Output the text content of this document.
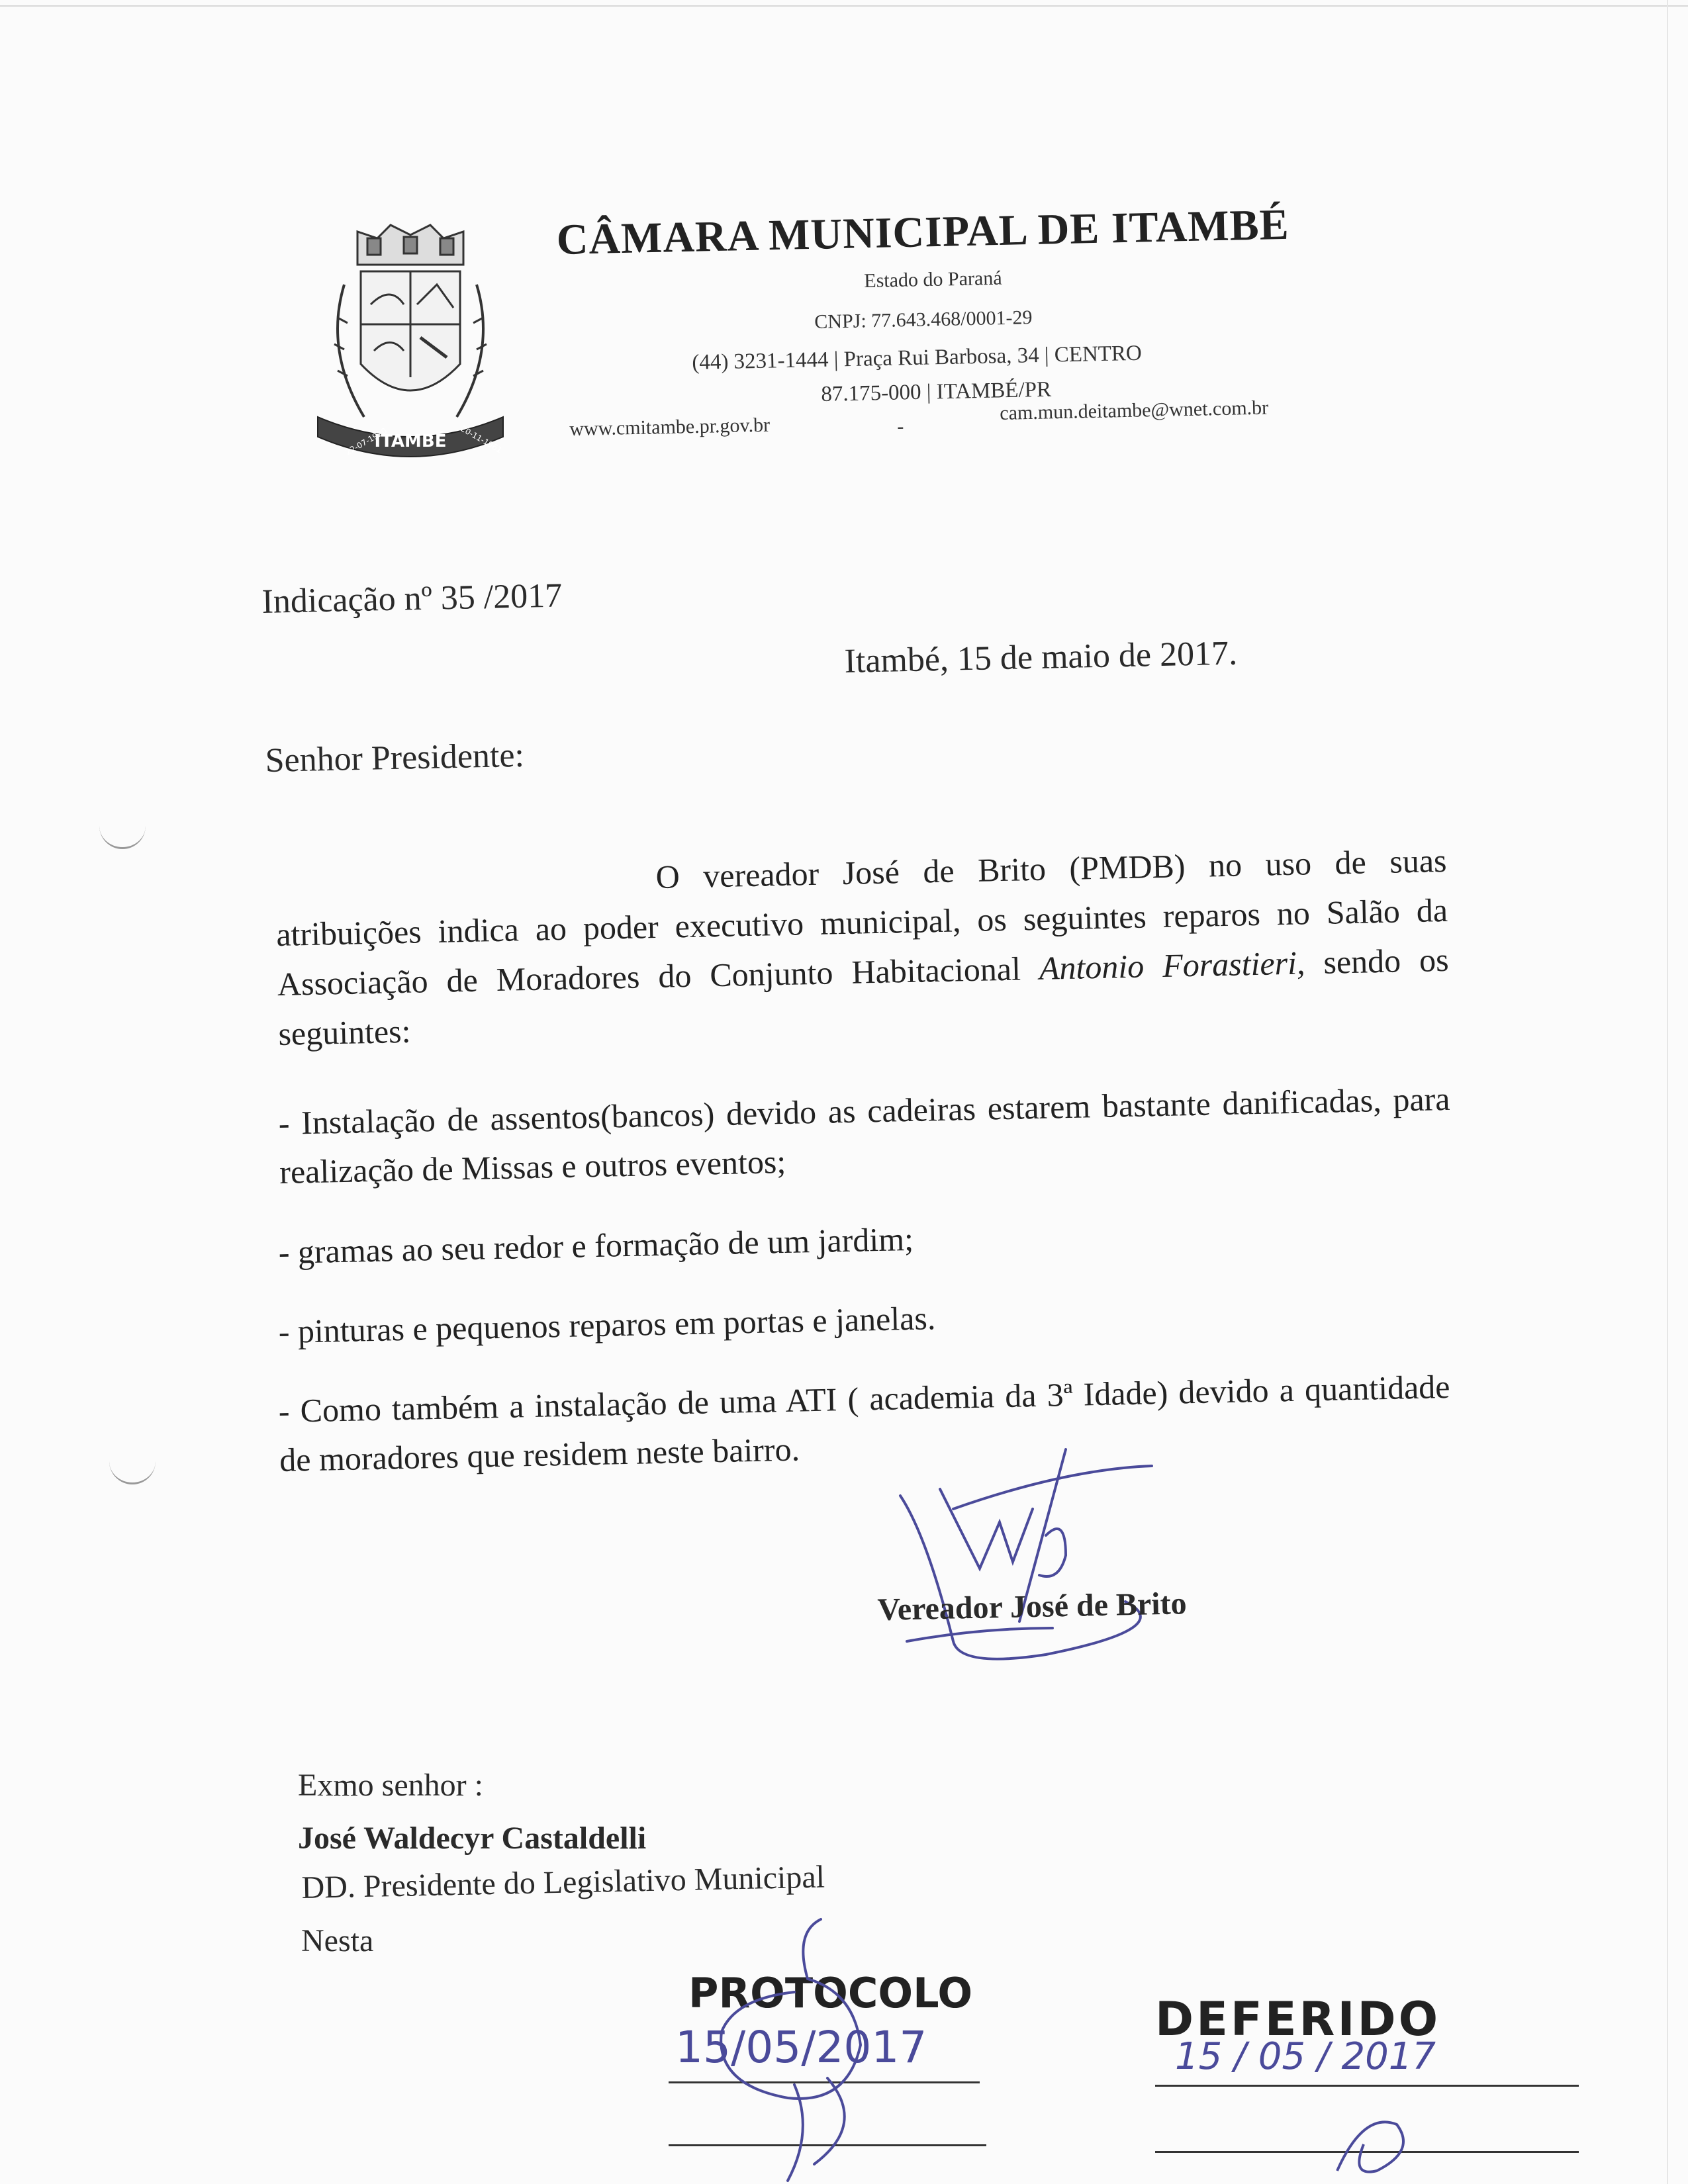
ITAMBÉ
22-07-1920	20-11-1961
CÂMARA MUNICIPAL DE ITAMBÉ
Estado do Paraná
CNPJ: 77.643.468/0001-29
(44) 3231-1444 | Praça Rui Barbosa, 34 | CENTRO
87.175-000 | ITAMBÉ/PR
www.cmitambe.pr.gov.br	-
cam.mun.deitambe@wnet.com.br
Indicação nº 35 /2017
Itambé, 15 de maio de 2017.
Senhor Presidente:
O vereador José de Brito (PMDB) no uso de suas atribuições indica ao poder executivo municipal, os seguintes reparos no Salão da Associação de Moradores do Conjunto Habitacional Antonio Forastieri, sendo os seguintes:
- Instalação de assentos(bancos) devido as cadeiras estarem bastante danificadas, para realização de Missas e outros eventos;
- gramas ao seu redor e formação de um jardim;
- pinturas e pequenos reparos em portas e janelas.
- Como também a instalação de uma ATI ( academia da 3ª Idade) devido a quantidade de moradores que residem neste bairro.
Vereador José de Brito
Exmo senhor :
José Waldecyr Castaldelli
DD. Presidente do Legislativo Municipal
Nesta
PROTOCOLO
15/05/2017
DEFERIDO
15 / 05 / 2017
